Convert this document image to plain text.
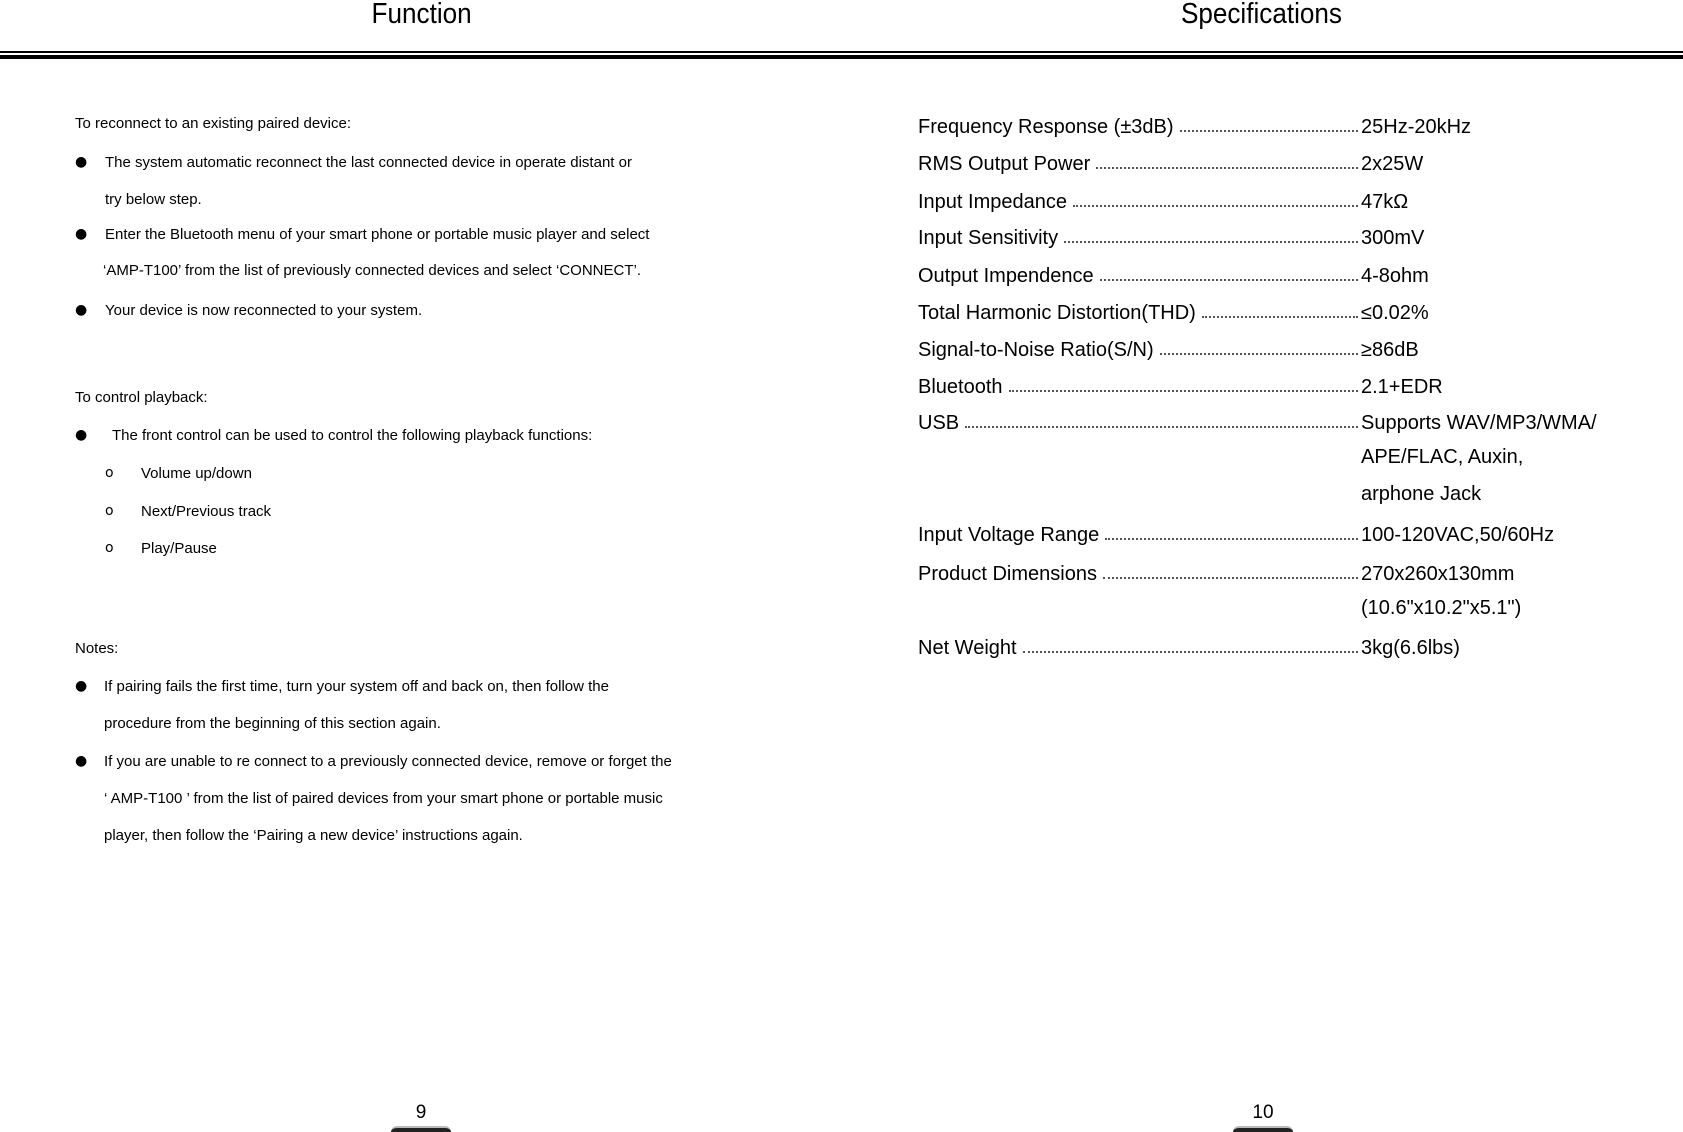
Function	Specifications
To reconnect to an existing paired device:
● The system automatic reconnect the last connected device in operate distant or
try below step.
● Enter the Bluetooth menu of your smart phone or portable music player and select
‘AMP-T100’ from the list of previously connected devices and select ‘CONNECT’.
● Your device is now reconnected to your system.
To control playback:
● The front control can be used to control the following playback functions:
o Volume up/down
o Next/Previous track
o Play/Pause
Notes:
● If pairing fails the first time, turn your system off and back on, then follow the
procedure from the beginning of this section again.
● If you are unable to re connect to a previously connected device, remove or forget the
‘ AMP-T100 ’ from the list of paired devices from your smart phone or portable music
player, then follow the ‘Pairing a new device’ instructions again.
9
Frequency Response (±3dB)	25Hz-20kHz
RMS Output Power	2x25W
Input Impedance	47kΩ
Input Sensitivity	300mV
Output Impendence	4-8ohm
Total Harmonic Distortion(THD)	≤0.02%
Signal-to-Noise Ratio(S/N)	≥86dB
Bluetooth	2.1+EDR
USB	Supports WAV/MP3/WMA/
APE/FLAC, Auxin,
arphone Jack
Input Voltage Range	100-120VAC,50/60Hz
Product Dimensions	270x260x130mm
(10.6"x10.2"x5.1")
Net Weight	3kg(6.6lbs)
10
